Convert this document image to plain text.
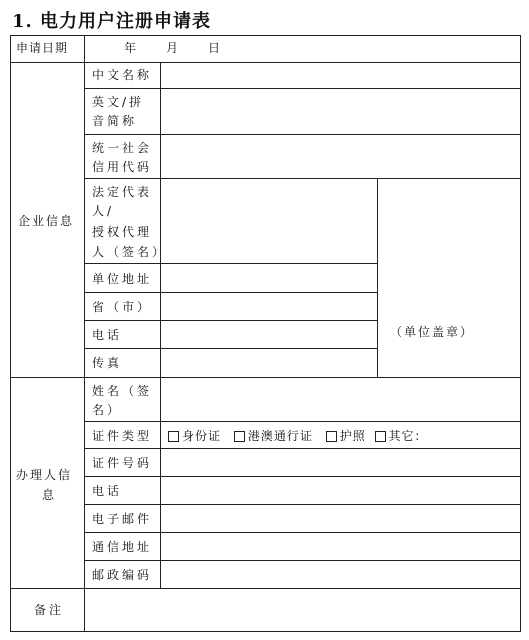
1. 电力用户注册申请表
申请日期	年 月 日
企业信息
中文名称
英文/拼
音简称
统一社会
信用代码
法定代表
人/
授权代理
人（签名）
单位地址
省（市）
电话
传真
（单位盖章）
办理人信
息
姓名（签
名）
证件类型 身份证
港澳通行证
护照
其它：
证件号码
电话
电子邮件
通信地址
邮政编码
备注
